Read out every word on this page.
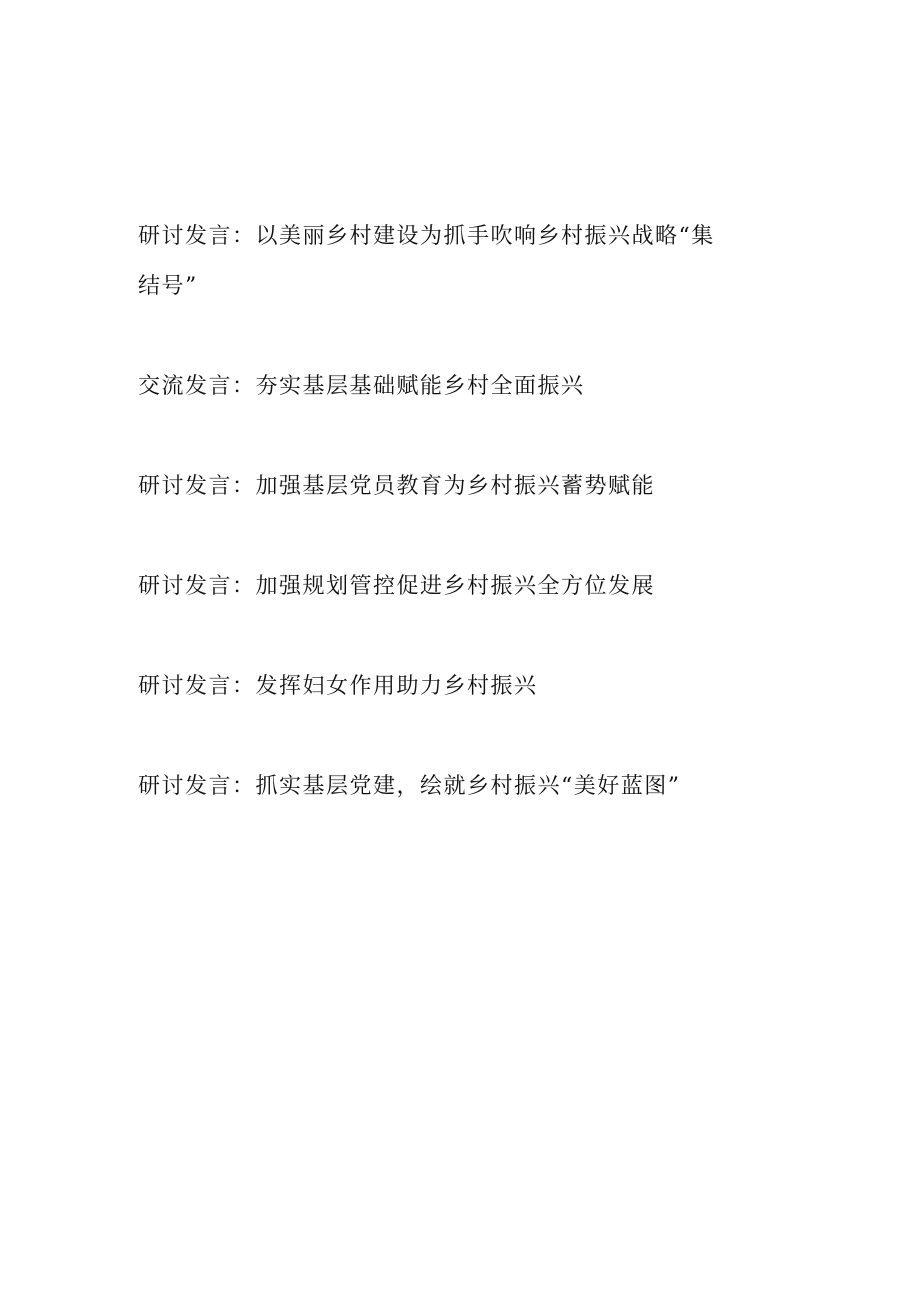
研讨发言：以美丽乡村建设为抓手吹响乡村振兴战略“集结号”

交流发言：夯实基层基础赋能乡村全面振兴

研讨发言：加强基层党员教育为乡村振兴蓄势赋能

研讨发言：加强规划管控促进乡村振兴全方位发展

研讨发言：发挥妇女作用助力乡村振兴

研讨发言：抓实基层党建，绘就乡村振兴“美好蓝图”
